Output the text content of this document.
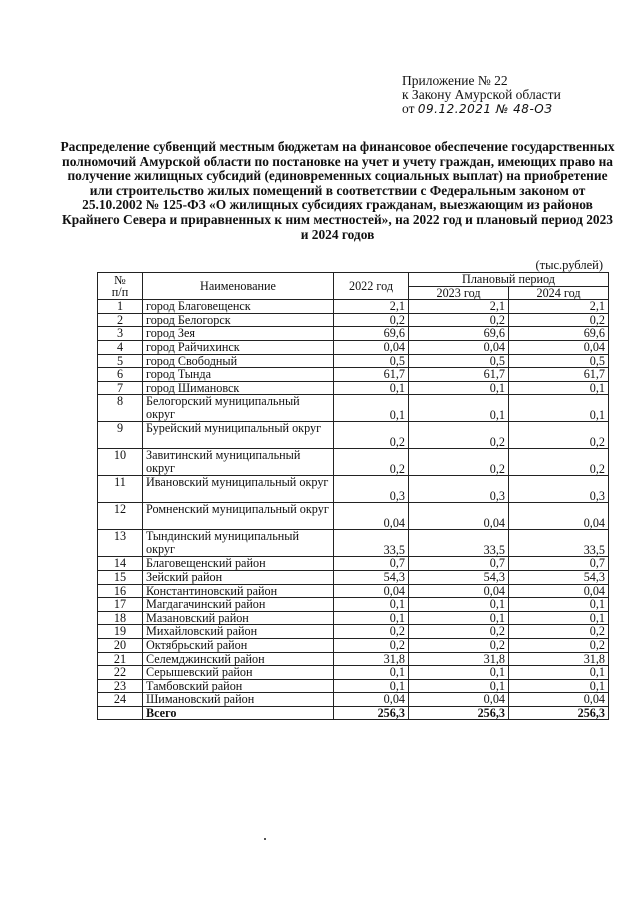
Приложение № 22
к Закону Амурской области
от 09.12.2021 № 48-ОЗ
Распределение субвенций местным бюджетам на финансовое обеспечение государственных полномочий Амурской области по постановке на учет и учету граждан, имеющих право на получение жилищных субсидий (единовременных социальных выплат) на приобретение или строительство жилых помещений в соответствии с Федеральным законом от 25.10.2002 № 125-ФЗ «О жилищных субсидиях гражданам, выезжающим из районов Крайнего Севера и приравненных к ним местностей», на 2022 год и плановый период 2023 и 2024 годов
(тыс.рублей)
№
п/п	Наименование	2022 год	Плановый период	
			2023 год	2024 год
1	город Благовещенск	2,1	2,1	2,1
2	город Белогорск	0,2	0,2	0,2
3	город Зея	69,6	69,6	69,6
4	город Райчихинск	0,04	0,04	0,04
5	город Свободный	0,5	0,5	0,5
6	город Тында	61,7	61,7	61,7
7	город Шимановск	0,1	0,1	0,1
8	Белогорский муниципальный округ	0,1	0,1	0,1
9	Бурейский муниципальный округ	0,2	0,2	0,2
10	Завитинский муниципальный округ	0,2	0,2	0,2
11	Ивановский муниципальный округ	0,3	0,3	0,3
12	Ромненский муниципальный округ	0,04	0,04	0,04
13	Тындинский муниципальный округ	33,5	33,5	33,5
14	Благовещенский район	0,7	0,7	0,7
15	Зейский район	54,3	54,3	54,3
16	Константиновский район	0,04	0,04	0,04
17	Магдагачинский район	0,1	0,1	0,1
18	Мазановский район	0,1	0,1	0,1
19	Михайловский район	0,2	0,2	0,2
20	Октябрьский район	0,2	0,2	0,2
21	Селемджинский район	31,8	31,8	31,8
22	Серышевский район	0,1	0,1	0,1
23	Тамбовский район	0,1	0,1	0,1
24	Шимановский район	0,04	0,04	0,04
	Всего	256,3	256,3	256,3
